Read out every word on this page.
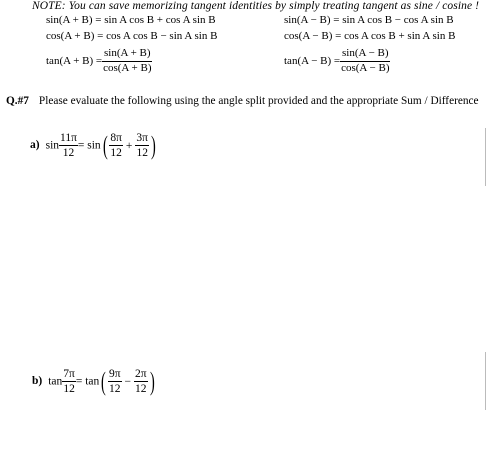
NOTE: You can save memorizing tangent identities by simply treating tangent as sine / cosine !
sin(A + B) = sin A cos B + cos A sin B	sin(A − B) = sin A cos B − cos A sin B
cos(A + B) = cos A cos B − sin A sin B	cos(A − B) = cos A cos B + sin A sin B
$\tan(A + B) = \frac{\sin(A + B)}{\cos(A + B)}$	$\tan(A - B) = \frac{\sin(A - B)}{\cos(A - B)}$
Q.#7 Please evaluate the following using the angle split provided and the appropriate Sum / Difference
a) $\sin \frac{11\pi}{12} = \sin( \frac{8\pi}{12} + \frac{3\pi}{12}$ )
b) $\tan \frac{7\pi}{12} = \tan( \frac{9\pi}{12} - \frac{2\pi}{12}$ )
